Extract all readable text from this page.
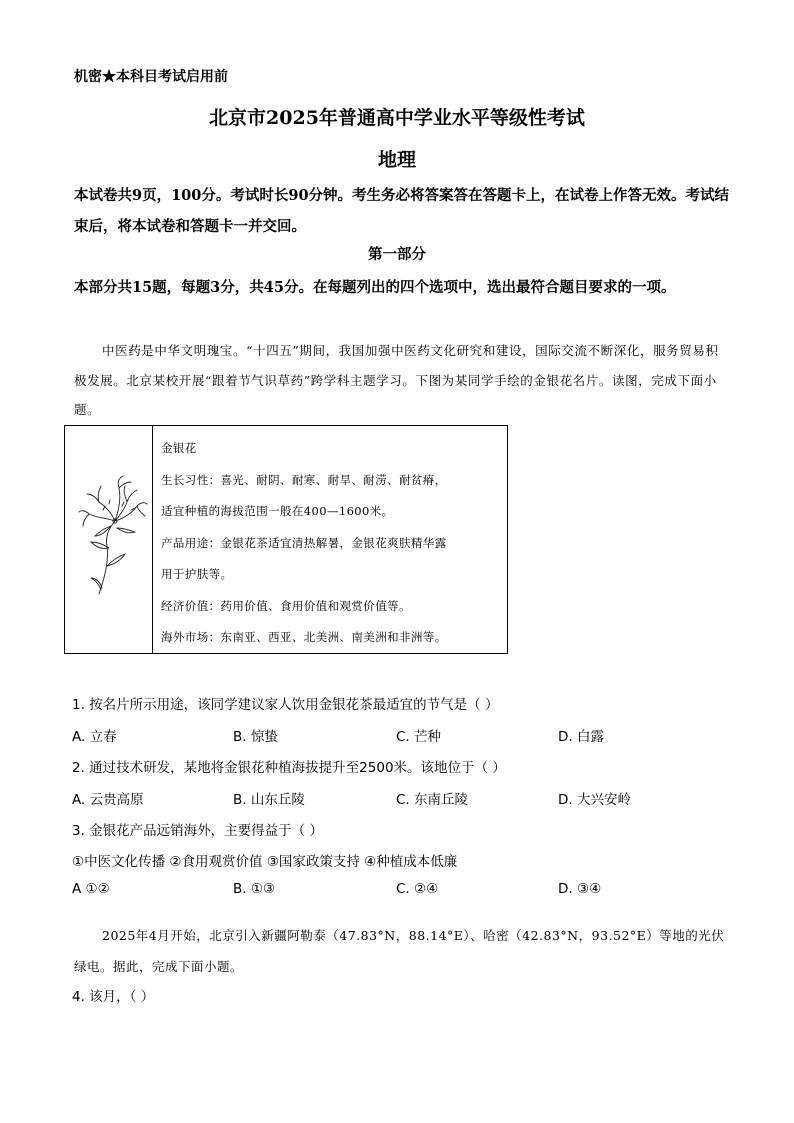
机密★本科目考试启用前
北京市2025年普通高中学业水平等级性考试
地理
本试卷共9页，100分。考试时长90分钟。考生务必将答案答在答题卡上，在试卷上作答无效。考试结束后，将本试卷和答题卡一并交回。
第一部分
本部分共15题，每题3分，共45分。在每题列出的四个选项中，选出最符合题目要求的一项。
中医药是中华文明瑰宝。“十四五”期间，我国加强中医药文化研究和建设，国际交流不断深化，服务贸易积极发展。北京某校开展“跟着节气识草药”跨学科主题学习。下图为某同学手绘的金银花名片。读图，完成下面小题。
金银花
生长习性：喜光、耐阴、耐寒、耐旱、耐涝、耐贫瘠，
适宜种植的海拔范围一般在400—1600米。
产品用途：金银花茶适宜清热解暑，金银花爽肤精华露
用于护肤等。
经济价值：药用价值、食用价值和观赏价值等。
海外市场：东南亚、西亚、北美洲、南美洲和非洲等。
1. 按名片所示用途，该同学建议家人饮用金银花茶最适宜的节气是（ ）
A. 立春	B. 惊蛰	C. 芒种	D. 白露
2. 通过技术研发，某地将金银花种植海拔提升至2500米。该地位于（ ）
A. 云贵高原	B. 山东丘陵	C. 东南丘陵	D. 大兴安岭
3. 金银花产品远销海外，主要得益于（ ）
①中医文化传播 ②食用观赏价值 ③国家政策支持 ④种植成本低廉
A ①②	B. ①③	C. ②④	D. ③④
2025年4月开始，北京引入新疆阿勒泰（47.83°N，88.14°E）、哈密（42.83°N，93.52°E）等地的光伏绿电。据此，完成下面小题。
4. 该月，（ ）
